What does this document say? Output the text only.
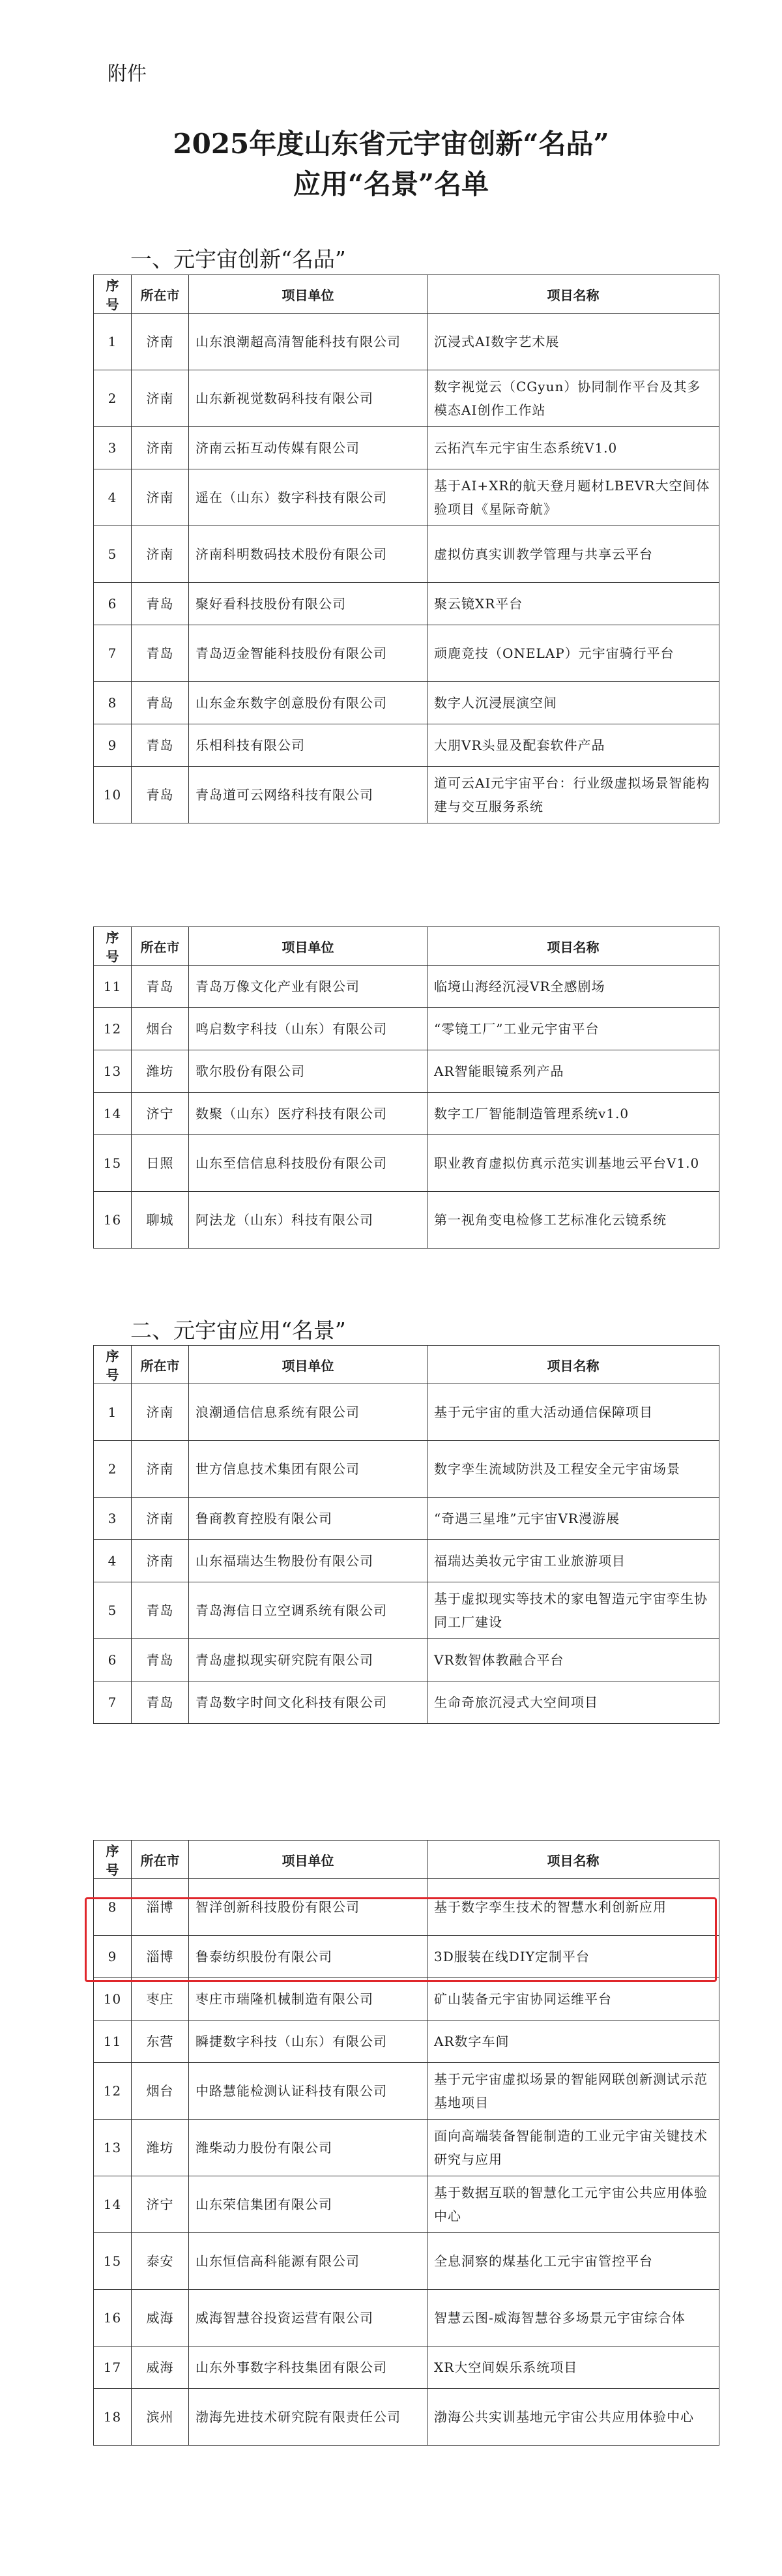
附件
2025年度山东省元宇宙创新“名品”
应用“名景”名单
一、元宇宙创新“名品”
序号	所在市	项目单位	项目名称
1	济南	山东浪潮超高清智能科技有限公司	沉浸式AI数字艺术展
2	济南	山东新视觉数码科技有限公司	数字视觉云（CGyun）协同制作平台及其多模态AI创作工作站
3	济南	济南云拓互动传媒有限公司	云拓汽车元宇宙生态系统V1.0
4	济南	遥在（山东）数字科技有限公司	基于AI+XR的航天登月题材LBEVR大空间体验项目《星际奇航》
5	济南	济南科明数码技术股份有限公司	虚拟仿真实训教学管理与共享云平台
6	青岛	聚好看科技股份有限公司	聚云镜XR平台
7	青岛	青岛迈金智能科技股份有限公司	顽鹿竞技（ONELAP）元宇宙骑行平台
8	青岛	山东金东数字创意股份有限公司	数字人沉浸展演空间
9	青岛	乐相科技有限公司	大朋VR头显及配套软件产品
10	青岛	青岛道可云网络科技有限公司	道可云AI元宇宙平台：行业级虚拟场景智能构建与交互服务系统
序号	所在市	项目单位	项目名称
11	青岛	青岛万像文化产业有限公司	临境山海经沉浸VR全感剧场
12	烟台	鸣启数字科技（山东）有限公司	“零镜工厂”工业元宇宙平台
13	潍坊	歌尔股份有限公司	AR智能眼镜系列产品
14	济宁	数聚（山东）医疗科技有限公司	数字工厂智能制造管理系统v1.0
15	日照	山东至信信息科技股份有限公司	职业教育虚拟仿真示范实训基地云平台V1.0
16	聊城	阿法龙（山东）科技有限公司	第一视角变电检修工艺标准化云镜系统
二、元宇宙应用“名景”
序号	所在市	项目单位	项目名称
1	济南	浪潮通信信息系统有限公司	基于元宇宙的重大活动通信保障项目
2	济南	世方信息技术集团有限公司	数字孪生流域防洪及工程安全元宇宙场景
3	济南	鲁商教育控股有限公司	“奇遇三星堆”元宇宙VR漫游展
4	济南	山东福瑞达生物股份有限公司	福瑞达美妆元宇宙工业旅游项目
5	青岛	青岛海信日立空调系统有限公司	基于虚拟现实等技术的家电智造元宇宙孪生协同工厂建设
6	青岛	青岛虚拟现实研究院有限公司	VR数智体教融合平台
7	青岛	青岛数字时间文化科技有限公司	生命奇旅沉浸式大空间项目
序号	所在市	项目单位	项目名称
8	淄博	智洋创新科技股份有限公司	基于数字孪生技术的智慧水利创新应用
9	淄博	鲁泰纺织股份有限公司	3D服装在线DIY定制平台
10	枣庄	枣庄市瑞隆机械制造有限公司	矿山装备元宇宙协同运维平台
11	东营	瞬捷数字科技（山东）有限公司	AR数字车间
12	烟台	中路慧能检测认证科技有限公司	基于元宇宙虚拟场景的智能网联创新测试示范基地项目
13	潍坊	潍柴动力股份有限公司	面向高端装备智能制造的工业元宇宙关键技术研究与应用
14	济宁	山东荣信集团有限公司	基于数据互联的智慧化工元宇宙公共应用体验中心
15	泰安	山东恒信高科能源有限公司	全息洞察的煤基化工元宇宙管控平台
16	威海	威海智慧谷投资运营有限公司	智慧云图-威海智慧谷多场景元宇宙综合体
17	威海	山东外事数字科技集团有限公司	XR大空间娱乐系统项目
18	滨州	渤海先进技术研究院有限责任公司	渤海公共实训基地元宇宙公共应用体验中心
